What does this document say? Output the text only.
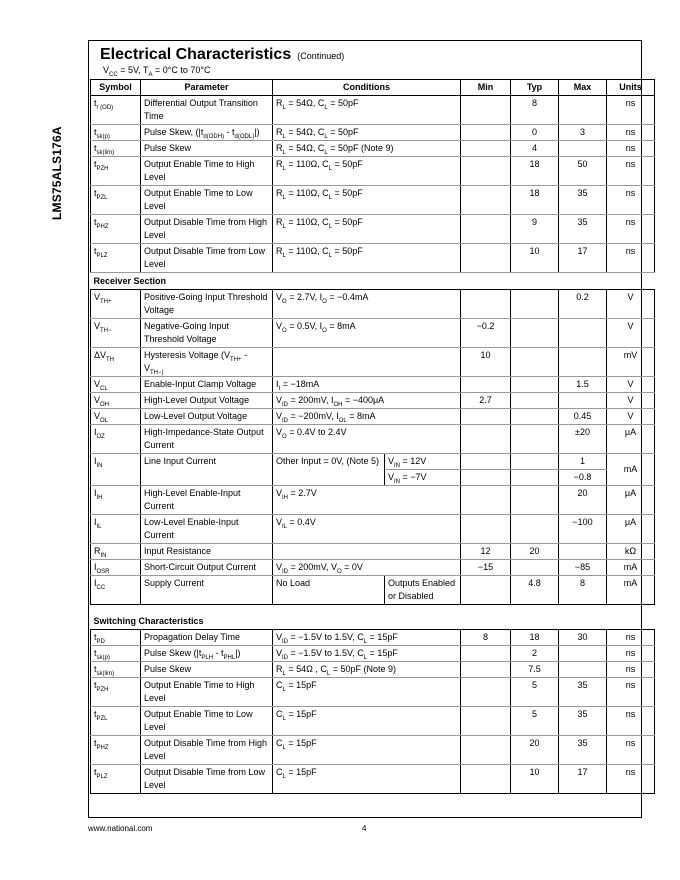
LMS75ALS176A
Electrical Characteristics (Continued)
$V_{CC} = 5V$, $T_A = 0^\circ C$ to 70°C
Symbol	Parameter	Conditions		Min	Typ	Max	Units
$t_{r (OD)}$	Differential Output Transition Time	$R_L = 54\Omega$, $C_L = 50pF$			8		ns
$t_{sk(p)}$	Pulse Skew, $(|t_{d(ODH)} - t_{d(ODL)}|)$	$R_L = 54\Omega$, $C_L = 50pF$			0	3	ns
$t_{sk(lim)}$	Pulse Skew	$R_L = 54\Omega$, $C_L = 50pF$ (Note 9)			4		ns
$t_{PZH}$	Output Enable Time to High Level	$R_L = 110\Omega$, $C_L = 50pF$			18	50	ns
$t_{PZL}$	Output Enable Time to Low Level	$R_L = 110\Omega$, $C_L = 50pF$			18	35	ns
$t_{PHZ}$	Output Disable Time from High Level	$R_L = 110\Omega$, $C_L = 50pF$			9	35	ns
$t_{PLZ}$	Output Disable Time from Low Level	$R_L = 110\Omega$, $C_L = 50pF$			10	17	ns
Receiver Section							
$V_{TH+}$	Positive-Going Input Threshold Voltage	$V_O = 2.7V$, $I_O = -0.4mA$				0.2	V
$V_{TH-}$	Negative-Going Input Threshold Voltage	$V_O = 0.5V$, $I_O = 8mA$		−0.2			V
$\Delta V_{TH}$	Hysteresis Voltage ($V_{TH+} - V_{TH-)}$			10			mV
$V_{CL}$	Enable-Input Clamp Voltage	$I_I = -18mA$				1.5	V
$V_{OH}$	High-Level Output Voltage	$V_{ID} = 200mV$, $I_{OH} = -400\mu A$		2.7			V
$V_{OL}$	Low-Level Output Voltage	$V_{ID} = -200mV$, $I_{OL} = 8mA$				0.45	V
$I_{OZ}$	High-Impedance-State Output Current	$V_O = 0.4V$ to 2.4V				±20	μA
$I_{IN}$	Line Input Current	Other Input = 0V, (Note 5)	$V_{IN} = 12V$			1	mA
			$V_{IN} = -7V$			−0.8	
$I_{IH}$	High-Level Enable-Input Current	$V_{IH} = 2.7V$				20	μA
$I_{IL}$	Low-Level Enable-Input Current	$V_{IL} = 0.4V$				−100	μA
$R_{IN}$	Input Resistance			12	20		kΩ
$I_{OSR}$	Short-Circuit Output Current	$V_{ID} = 200mV$, $V_O = 0V$		−15		−85	mA
$I_{CC}$	Supply Current	No Load	Outputs Enabled or Disabled		4.8	8	mA

Switching Characteristics							
$t_{PD}$	Propagation Delay Time	$V_{ID} = -1.5V$ to 1.5V, $C_L = 15pF$		8	18	30	ns
$t_{sk(p)}$	Pulse Skew $(|t_{PLH} - t_{PHL}|)$	$V_{ID} = -1.5V$ to 1.5V, $C_L = 15pF$			2		ns
$t_{sk(lim)}$	Pulse Skew	$R_L = 54\Omega$ , $C_L = 50pF$ (Note 9)			7.5		ns
$t_{PZH}$	Output Enable Time to High Level	$C_L = 15pF$			5	35	ns
$t_{PZL}$	Output Enable Time to Low Level	$C_L = 15pF$			5	35	ns
$t_{PHZ}$	Output Disable Time from High Level	$C_L = 15pF$			20	35	ns
$t_{PLZ}$	Output Disable Time from Low Level	$C_L = 15pF$			10	17	ns
www.national.com	4
